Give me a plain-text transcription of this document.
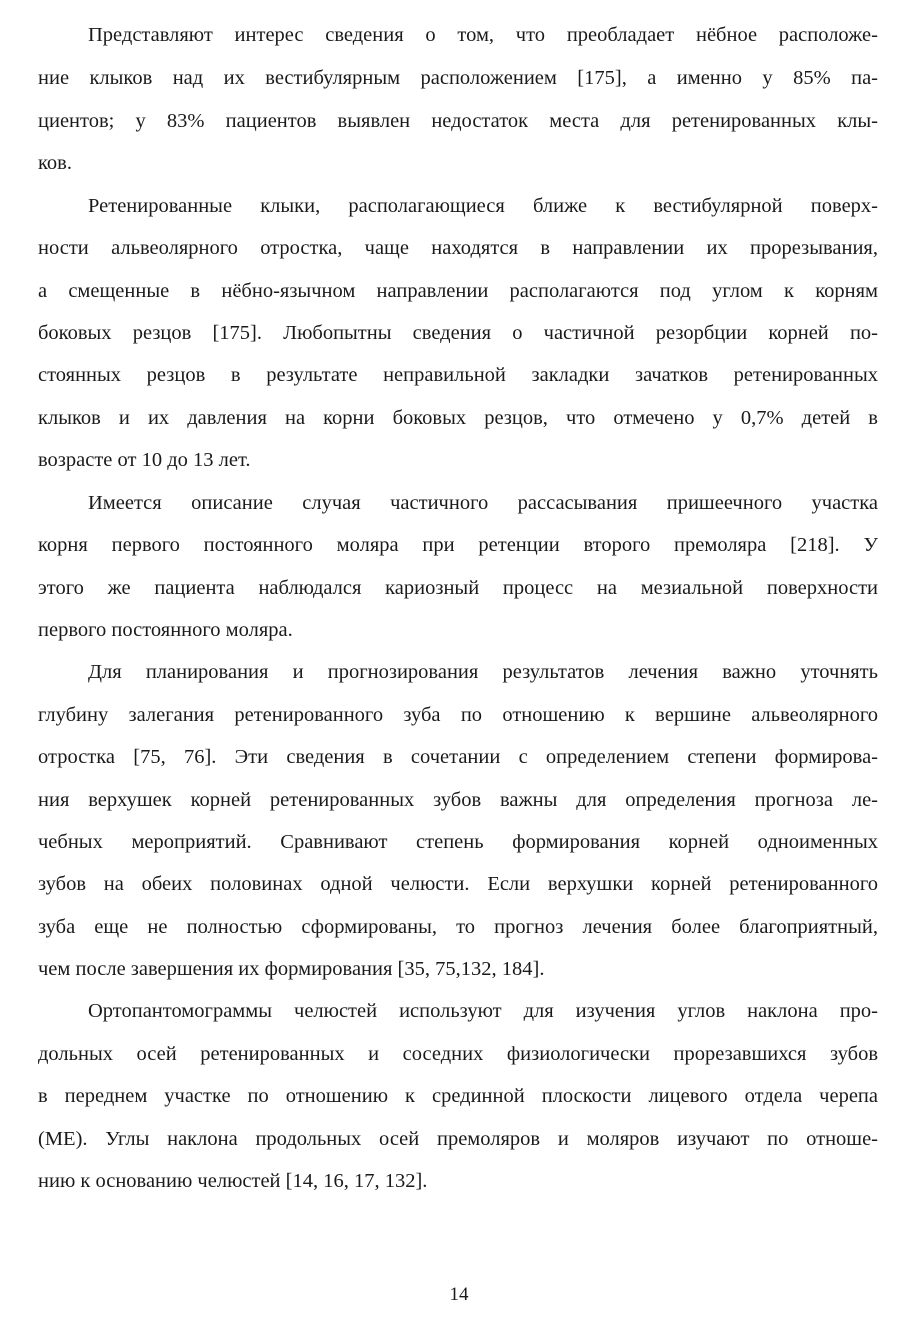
Представляют интерес сведения о том, что преобладает нёбное расположе-
ние клыков над их вестибулярным расположением [175], а именно у 85% па-
циентов; у 83% пациентов выявлен недостаток места для ретенированных клы-
ков.
Ретенированные клыки, располагающиеся ближе к вестибулярной поверх-
ности альвеолярного отростка, чаще находятся в направлении их прорезывания,
а смещенные в нёбно-язычном направлении располагаются под углом к корням
боковых резцов [175]. Любопытны сведения о частичной резорбции корней по-
стоянных резцов в результате неправильной закладки зачатков ретенированных
клыков и их давления на корни боковых резцов, что отмечено у 0,7% детей в
возрасте от 10 до 13 лет.
Имеется описание случая частичного рассасывания пришеечного участка
корня первого постоянного моляра при ретенции второго премоляра [218]. У
этого же пациента наблюдался кариозный процесс на мезиальной поверхности
первого постоянного моляра.
Для планирования и прогнозирования результатов лечения важно уточнять
глубину залегания ретенированного зуба по отношению к вершине альвеолярного
отростка [75, 76]. Эти сведения в сочетании с определением степени формирова-
ния верхушек корней ретенированных зубов важны для определения прогноза ле-
чебных мероприятий. Сравнивают степень формирования корней одноименных
зубов на обеих половинах одной челюсти. Если верхушки корней ретенированного
зуба еще не полностью сформированы, то прогноз лечения более благоприятный,
чем после завершения их формирования [35, 75,132, 184].
Ортопантомограммы челюстей используют для изучения углов наклона про-
дольных осей ретенированных и соседних физиологически прорезавшихся зубов
в переднем участке по отношению к срединной плоскости лицевого отдела черепа
(МЕ). Углы наклона продольных осей премоляров и моляров изучают по отноше-
нию к основанию челюстей [14, 16, 17, 132].
14
